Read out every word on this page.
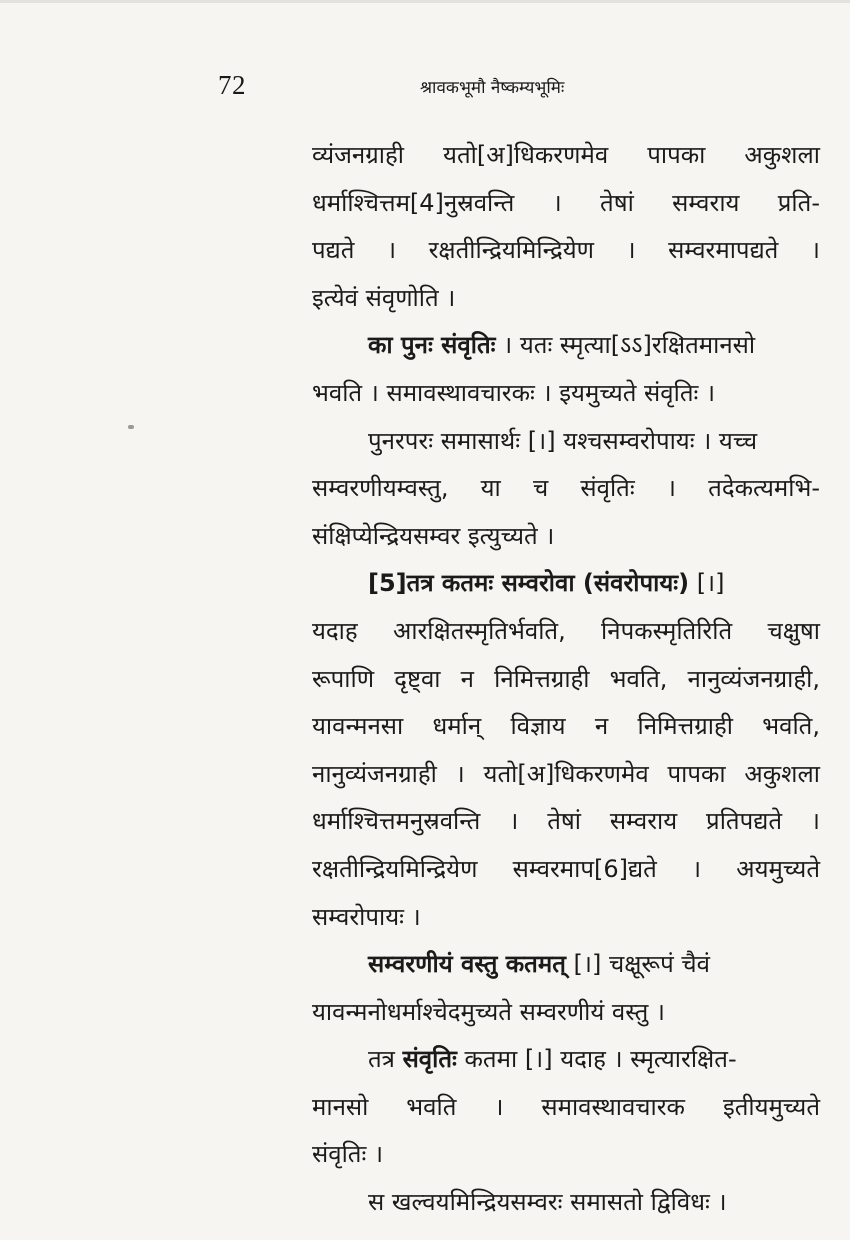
72	श्रावकभूमौ नैष्कम्यभूमिः
व्यंजनग्राही यतो[अ]धिकरणमेव पापका अकुशला
धर्माश्चित्तम[4]नुस्रवन्ति । तेषां सम्वराय प्रति-
पद्यते । रक्षतीन्द्रियमिन्द्रियेण । सम्वरमापद्यते ।
इत्येवं संवृणोति ।
का पुनः संवृतिः । यतः स्मृत्या[ऽऽ]रक्षितमानसो
भवति । समावस्थावचारकः । इयमुच्यते संवृतिः ।
पुनरपरः समासार्थः [।] यश्चसम्वरोपायः । यच्च
सम्वरणीयम्वस्तु, या च संवृतिः । तदेकत्यमभि-
संक्षिप्येन्द्रियसम्वर इत्युच्यते ।
[5]तत्र कतमः सम्वरोवा (संवरोपायः) [।]
यदाह आरक्षितस्मृतिर्भवति, निपकस्मृतिरिति चक्षुषा
रूपाणि दृष्ट्वा न निमित्तग्राही भवति, नानुव्यंजनग्राही,
यावन्मनसा धर्मान् विज्ञाय न निमित्तग्राही भवति,
नानुव्यंजनग्राही । यतो[अ]धिकरणमेव पापका अकुशला
धर्माश्चित्तमनुस्रवन्ति । तेषां सम्वराय प्रतिपद्यते ।
रक्षतीन्द्रियमिन्द्रियेण सम्वरमाप[6]द्यते । अयमुच्यते
सम्वरोपायः ।
सम्वरणीयं वस्तु कतमत् [।] चक्षूरूपं चैवं
यावन्मनोधर्माश्चेदमुच्यते सम्वरणीयं वस्तु ।
तत्र संवृतिः कतमा [।] यदाह । स्मृत्यारक्षित-
मानसो भवति । समावस्थावचारक इतीयमुच्यते
संवृतिः ।
स खल्वयमिन्द्रियसम्वरः समासतो द्विविधः ।
